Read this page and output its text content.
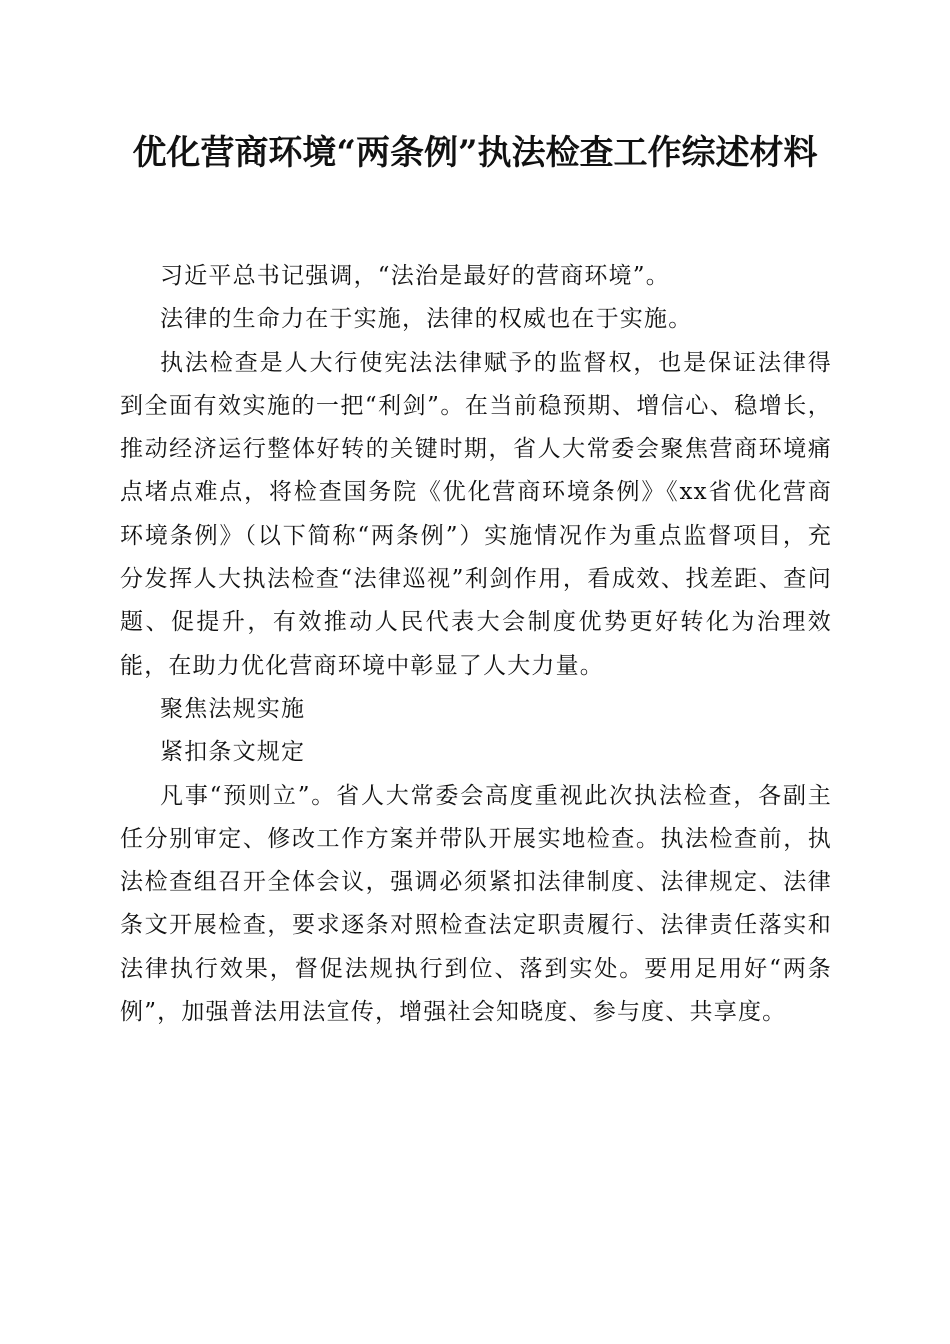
优化营商环境“两条例”执法检查工作综述材料

习近平总书记强调，“法治是最好的营商环境”。

法律的生命力在于实施，法律的权威也在于实施。

执法检查是人大行使宪法法律赋予的监督权，也是保证法律得到全面有效实施的一把“利剑”。在当前稳预期、增信心、稳增长，推动经济运行整体好转的关键时期，省人大常委会聚焦营商环境痛点堵点难点，将检查国务院《优化营商环境条例》《xx省优化营商环境条例》（以下简称“两条例”）实施情况作为重点监督项目，充分发挥人大执法检查“法律巡视”利剑作用，看成效、找差距、查问题、促提升，有效推动人民代表大会制度优势更好转化为治理效能，在助力优化营商环境中彰显了人大力量。

聚焦法规实施

紧扣条文规定

凡事“预则立”。省人大常委会高度重视此次执法检查，各副主任分别审定、修改工作方案并带队开展实地检查。执法检查前，执法检查组召开全体会议，强调必须紧扣法律制度、法律规定、法律条文开展检查，要求逐条对照检查法定职责履行、法律责任落实和法律执行效果，督促法规执行到位、落到实处。要用足用好“两条例”，加强普法用法宣传，增强社会知晓度、参与度、共享度。
